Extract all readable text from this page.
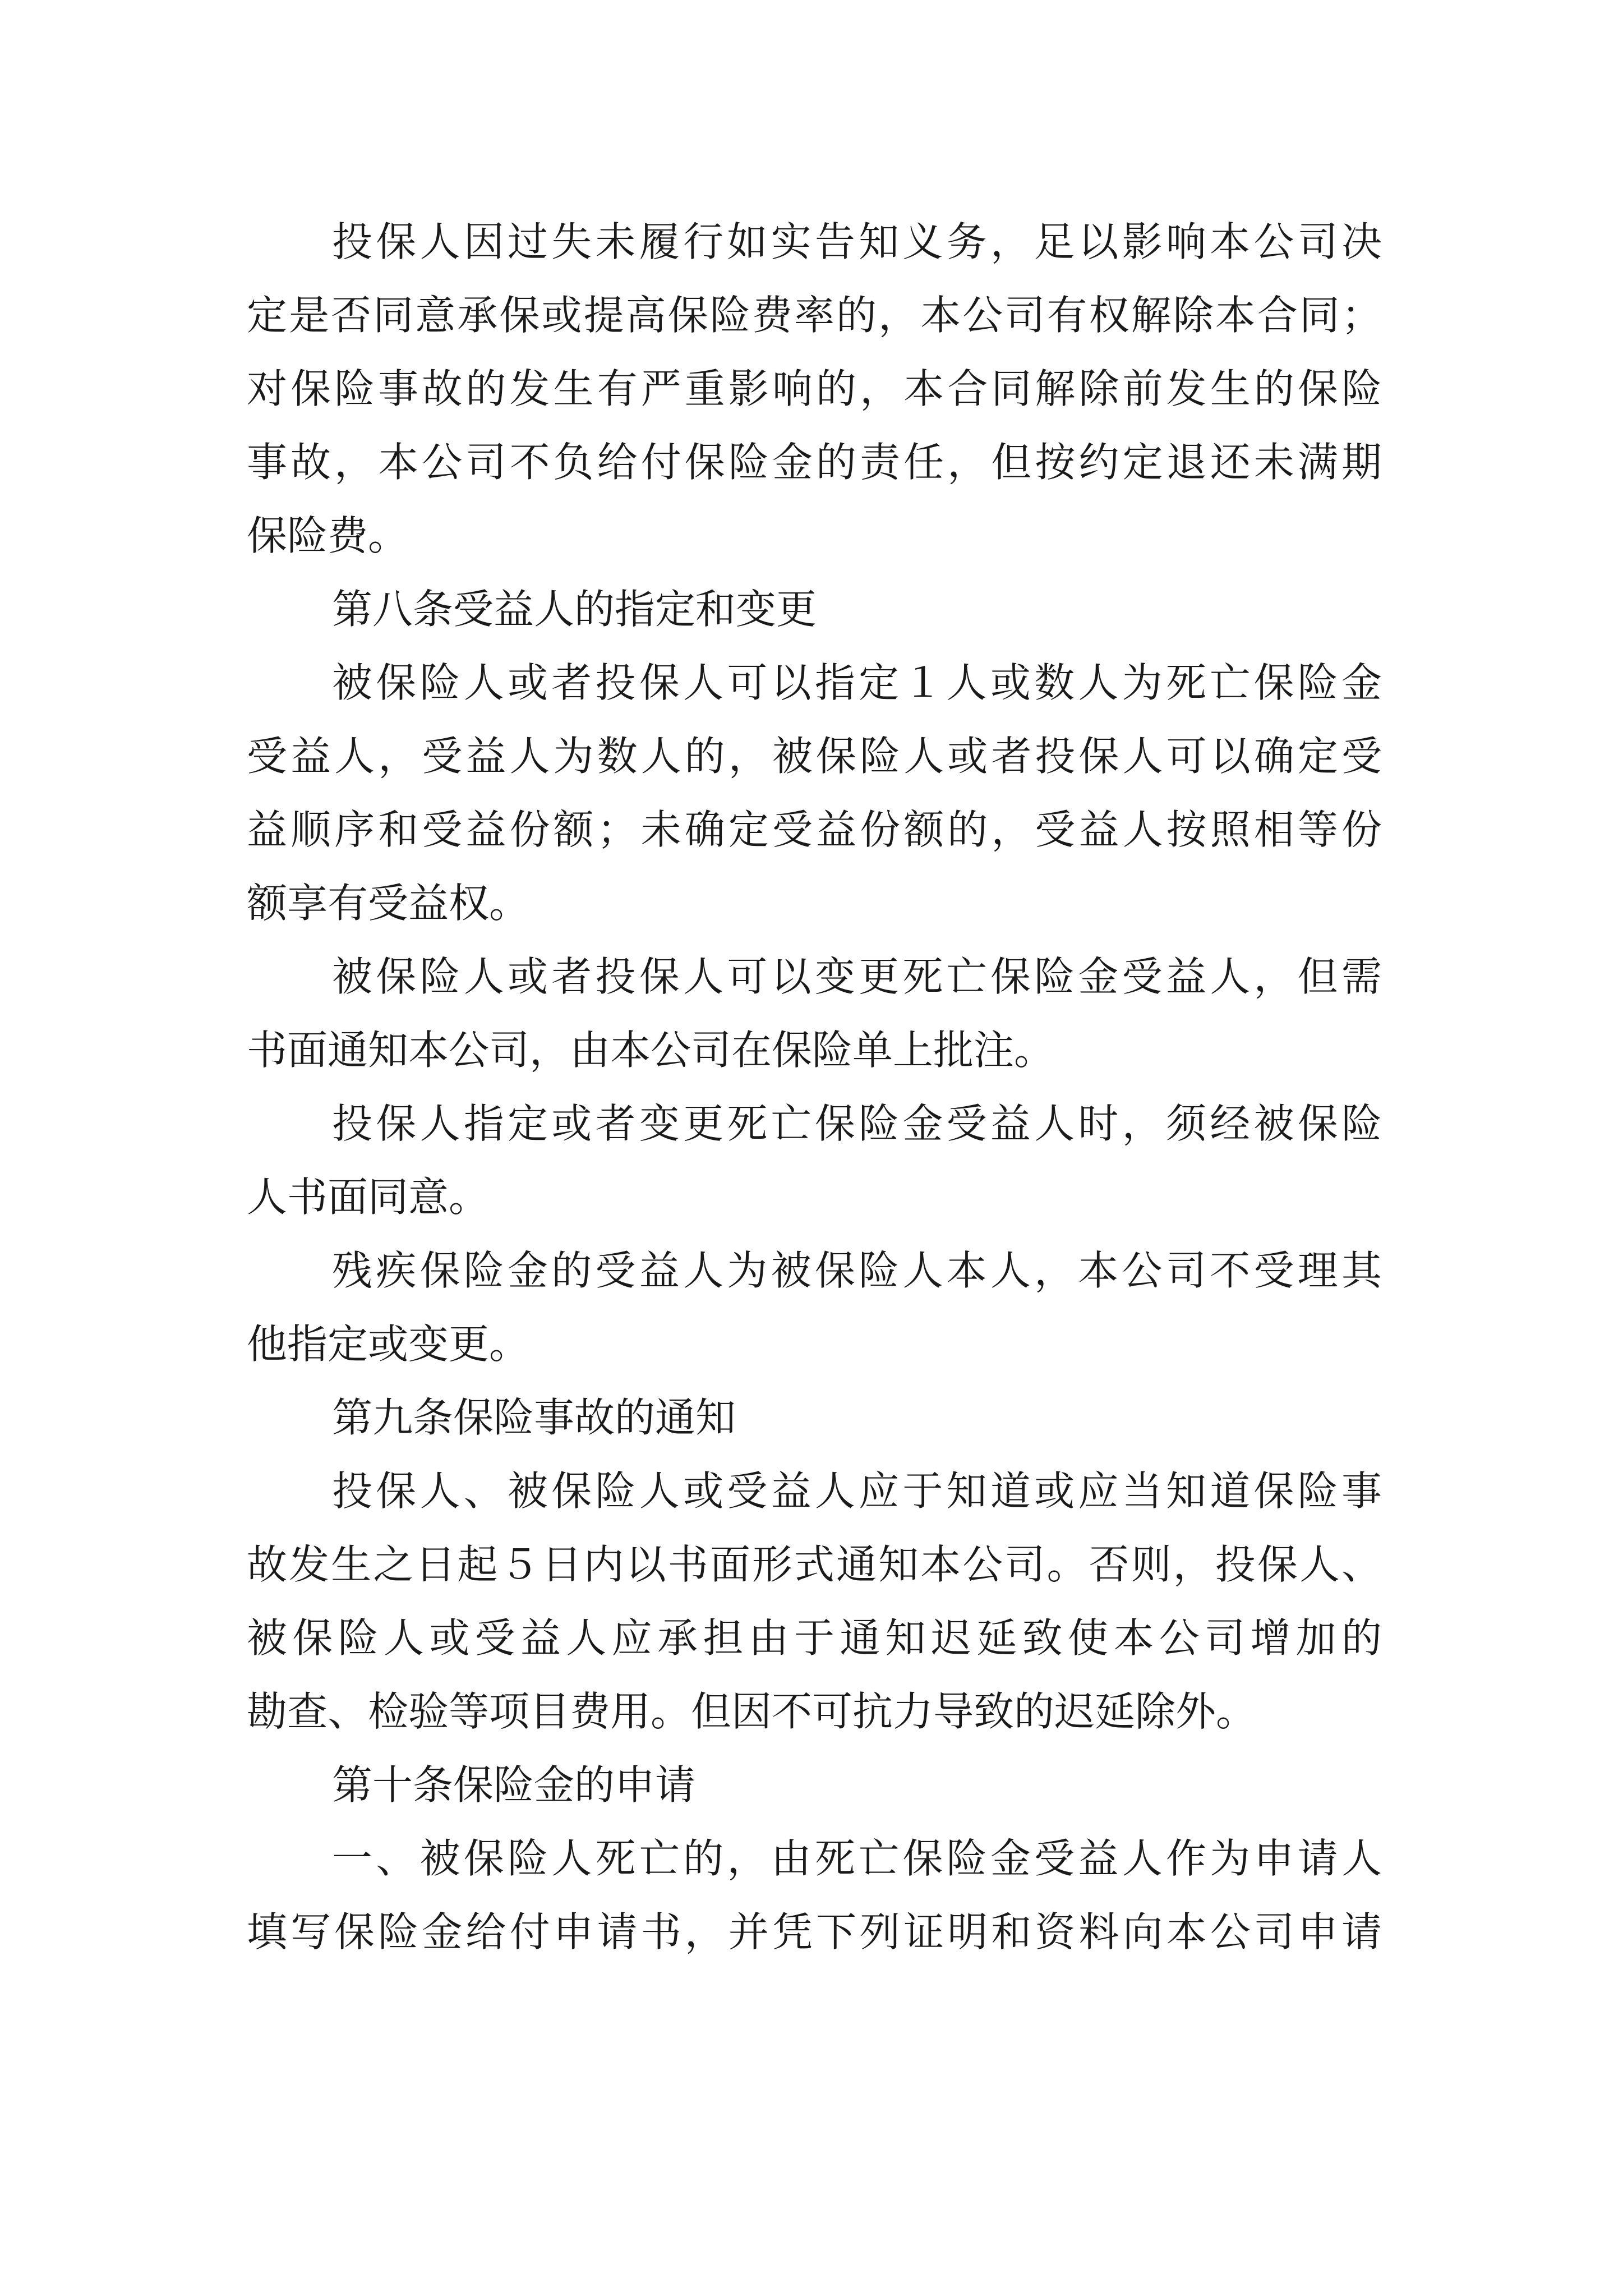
投保人因过失未履行如实告知义务，足以影响本公司决
定是否同意承保或提高保险费率的，本公司有权解除本合同；
对保险事故的发生有严重影响的，本合同解除前发生的保险
事故，本公司不负给付保险金的责任，但按约定退还未满期
保险费。
第八条受益人的指定和变更
被保险人或者投保人可以指定１人或数人为死亡保险金
受益人，受益人为数人的，被保险人或者投保人可以确定受
益顺序和受益份额；未确定受益份额的，受益人按照相等份
额享有受益权。
被保险人或者投保人可以变更死亡保险金受益人，但需
书面通知本公司，由本公司在保险单上批注。
投保人指定或者变更死亡保险金受益人时，须经被保险
人书面同意。
残疾保险金的受益人为被保险人本人，本公司不受理其
他指定或变更。
第九条保险事故的通知
投保人、被保险人或受益人应于知道或应当知道保险事
故发生之日起５日内以书面形式通知本公司。否则，投保人、
被保险人或受益人应承担由于通知迟延致使本公司增加的
勘查、检验等项目费用。但因不可抗力导致的迟延除外。
第十条保险金的申请
一、被保险人死亡的，由死亡保险金受益人作为申请人
填写保险金给付申请书，并凭下列证明和资料向本公司申请
